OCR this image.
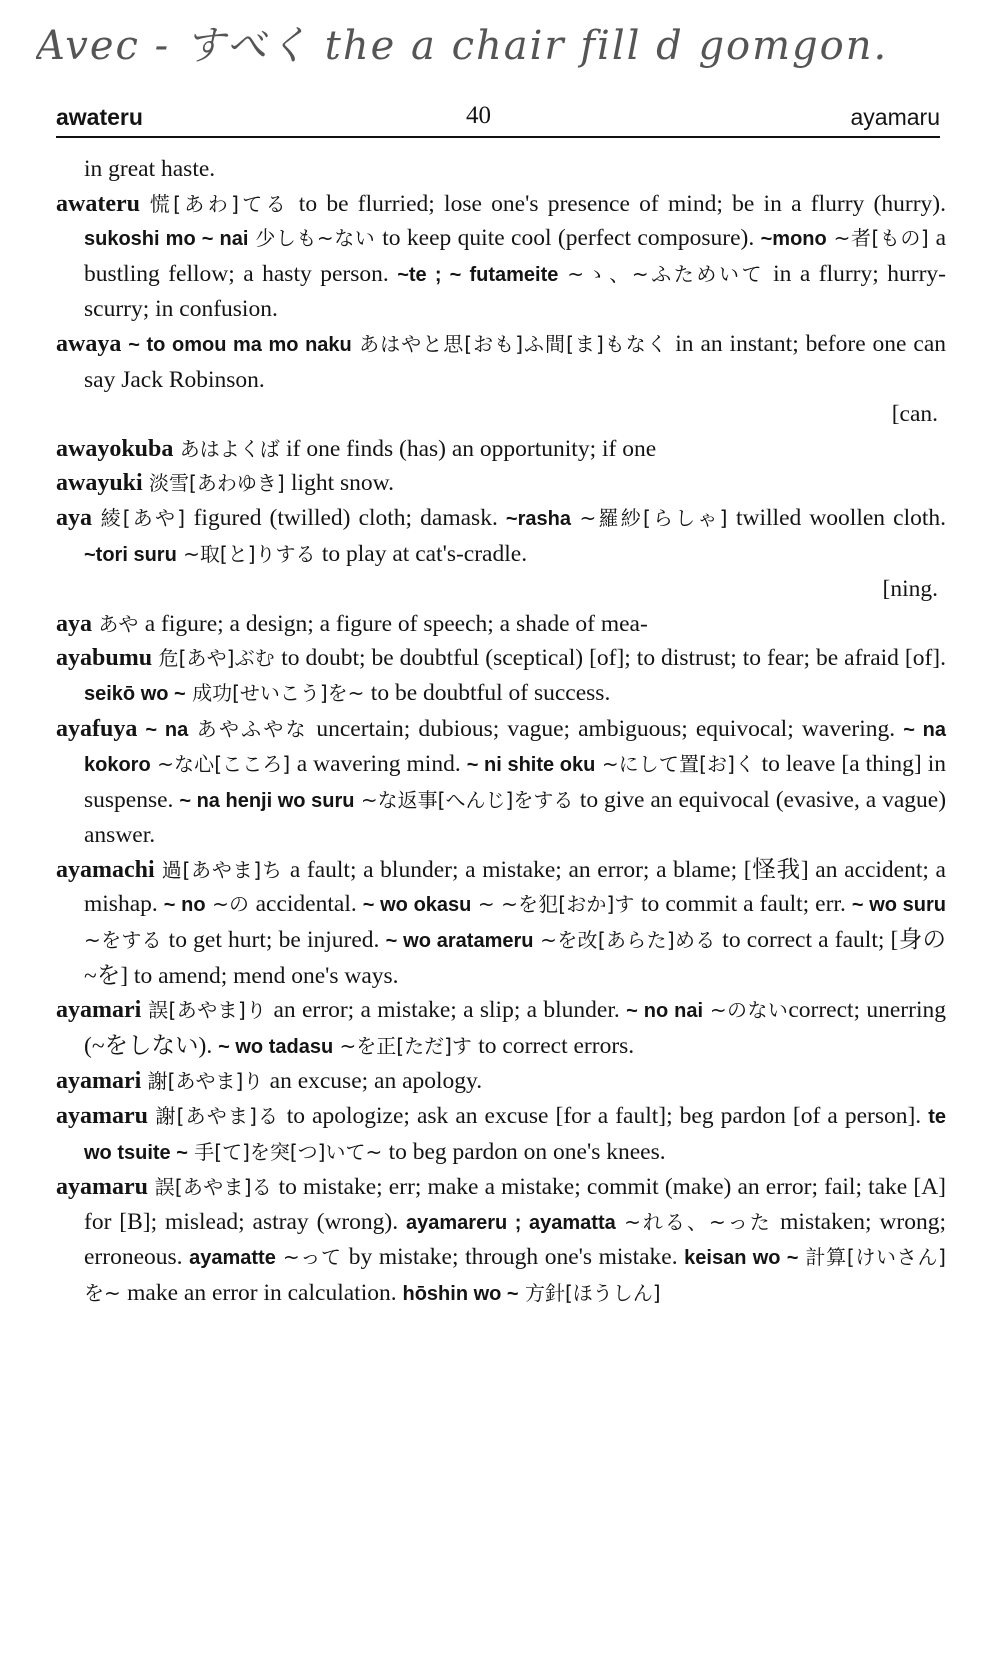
Avec - すべく the a chair fill d gomgon.
awateru	40	ayamaru

in great haste.

awateru 慌[あわ]てる to be flurried; lose one's presence of mind; be in a flurry (hurry). sukoshi mo ~ nai 少しも~ない to keep quite cool (perfect composure). ~mono ~者[もの] a bustling fellow; a hasty person. ~te ; ~ futameite ~ゝ、~ふためいて in a flurry; hurry-scurry; in confusion.

awaya ~ to omou ma mo naku あはやと思[おも]ふ間[ま]もなく in an instant; before one can say Jack Robinson.
[can.

awayokuba あはよくば if one finds (has) an opportunity; if one

awayuki 淡雪[あわゆき] light snow.

aya 綾[あや] figured (twilled) cloth; damask. ~rasha ~羅紗[らしゃ] twilled woollen cloth. ~tori suru ~取[と]りする to play at cat's-cradle.
[ning.

aya あや a figure; a design; a figure of speech; a shade of mea-

ayabumu 危[あや]ぶむ to doubt; be doubtful (sceptical) [of]; to distrust; to fear; be afraid [of]. seikō wo ~ 成功[せいこう]を~ to be doubtful of success.

ayafuya ~ na あやふやな uncertain; dubious; vague; ambiguous; equivocal; wavering. ~ na kokoro ~な心[こころ] a wavering mind. ~ ni shite oku ~にして置[お]く to leave [a thing] in suspense. ~ na henji wo suru ~な返事[へんじ]をする to give an equivocal (evasive, a vague) answer.

ayamachi 過[あやま]ち a fault; a blunder; a mistake; an error; a blame; [怪我] an accident; a mishap. ~ no ~の accidental. ~ wo okasu ~ ~を犯[おか]す to commit a fault; err. ~ wo suru ~をする to get hurt; be injured. ~ wo aratameru ~を改[あらた]める to correct a fault; [身の~を] to amend; mend one's ways.

ayamari 誤[あやま]り an error; a mistake; a slip; a blunder. ~ no nai ~のないcorrect; unerring (~をしない). ~ wo tadasu ~を正[ただ]す to correct errors.

ayamari 謝[あやま]り an excuse; an apology.

ayamaru 謝[あやま]る to apologize; ask an excuse [for a fault]; beg pardon [of a person]. te wo tsuite ~ 手[て]を突[つ]いて~ to beg pardon on one's knees.

ayamaru 誤[あやま]る to mistake; err; make a mistake; commit (make) an error; fail; take [A] for [B]; mislead; astray (wrong). ayamareru ; ayamatta ~れる、~った mistaken; wrong; erroneous. ayamatte ~って by mistake; through one's mistake. keisan wo ~ 計算[けいさん]を~ make an error in calculation. hōshin wo ~ 方針[ほうしん]
